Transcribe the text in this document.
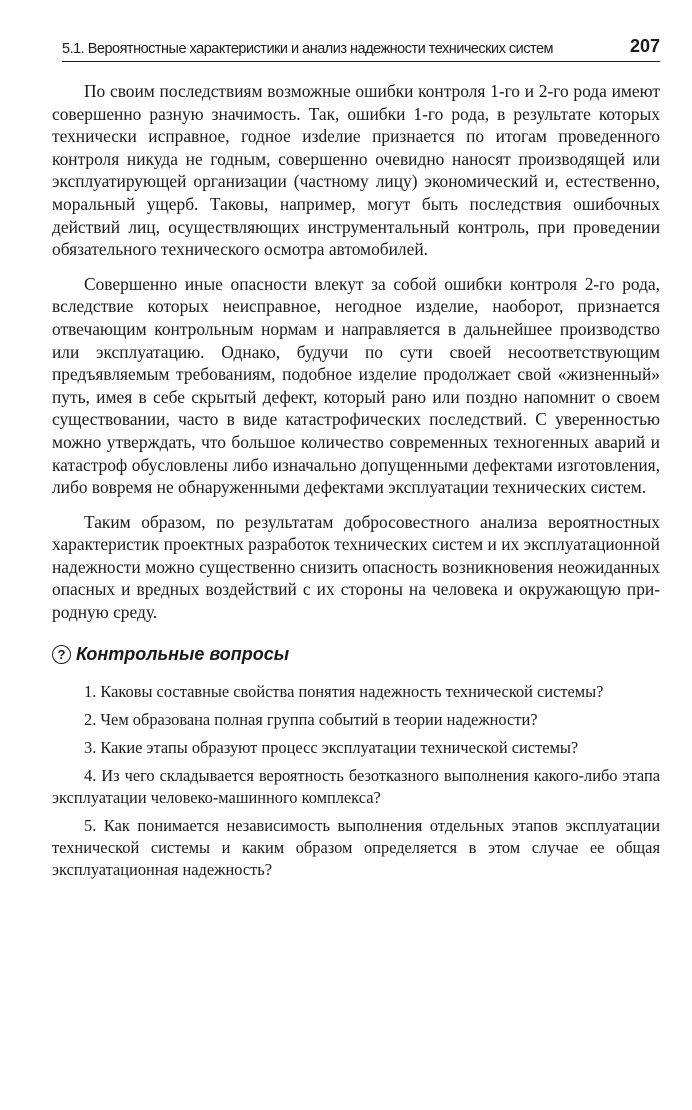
5.1. Вероятностные характеристики и анализ надежности технических систем	207

По своим последствиям возможные ошибки контроля 1-го и 2-го рода имеют совершенно разную значимость. Так, ошибки 1-го рода, в результате которых технически исправное, годное изdелие признается по итогам проведенного контроля никуда не годным, совершенно очевидно наносят производящей или эксплуатирующей организации (частному лицу) экономический и, естественно, моральный ущерб. Таковы, например, могут быть последствия ошибочных действий лиц, осуществляющих инструментальный контроль, при проведении обязательного технического осмотра автомобилей.

Совершенно иные опасности влекут за собой ошибки контроля 2-го рода, вследствие которых неисправное, негодное изделие, наоборот, признается отвечающим контрольным нормам и направляется в дальнейшее производство или эксплуатацию. Однако, будучи по сути своей несоответствующим предъявляемым требованиям, подобное изделие продолжает свой «жизненный» путь, имея в себе скрытый дефект, который рано или поздно напомнит о своем существовании, часто в виде катастрофических последствий. С уверенностью можно утверждать, что большое количество современных техногенных аварий и катастроф обусловлены либо изначально допущенными дефектами изготовления, либо вовремя не обнаруженными дефектами эксплуатации технических систем.

Таким образом, по результатам добросовестного анализа вероятностных характеристик проектных разработок технических систем и их эксплуатационной надежности можно существенно снизить опасность возникновения неожиданных опасных и вредных воздействий с их стороны на человека и окружающую природную среду.

? Контрольные вопросы
1. Каковы составные свойства понятия надежность технической системы?
2. Чем образована полная группа событий в теории надежности?
3. Какие этапы образуют процесс эксплуатации технической системы?
4. Из чего складывается вероятность безотказного выполнения какого-либо этапа эксплуатации человеко-машинного комплекса?
5. Как понимается независимость выполнения отдельных этапов эксплуатации технической системы и каким образом определяется в этом случае ее общая эксплуатационная надежность?
